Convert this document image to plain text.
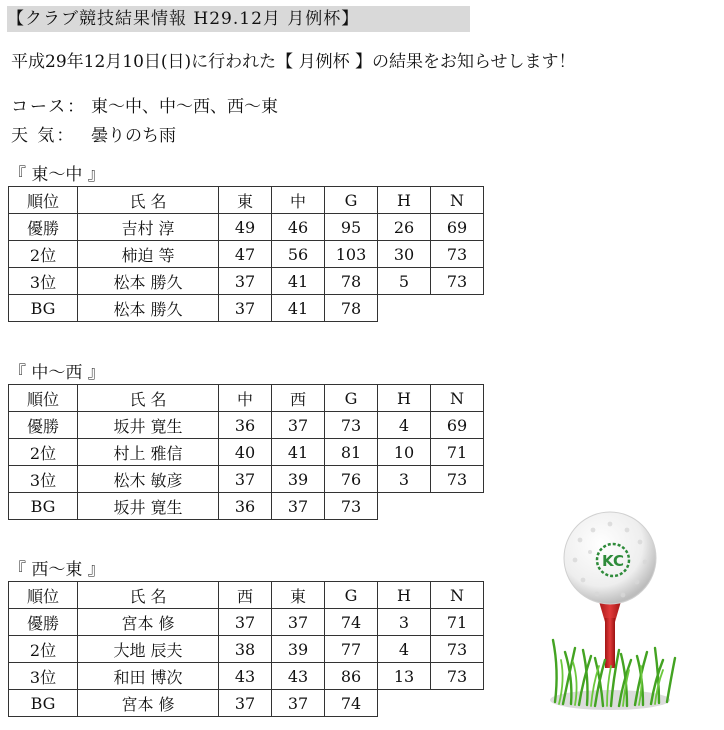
【クラブ競技結果情報 H29.12月 月例杯】
平成29年12月10日(日)に行われた【 月例杯 】の結果をお知らせします！
コース： 東～中、中～西、西～東
天 気： 曇りのち雨
『 東～中 』
順位	氏 名	東	中	G	H	N
優勝	吉村 淳	49	46	95	26	69
2位	柿迫 等	47	56	103	30	73
3位	松本 勝久	37	41	78	5	73
BG	松本 勝久	37	41	78		
『 中～西 』
順位	氏 名	中	西	G	H	N
優勝	坂井 寛生	36	37	73	4	69
2位	村上 雅信	40	41	81	10	71
3位	松木 敏彦	37	39	76	3	73
BG	坂井 寛生	36	37	73		
『 西～東 』
順位	氏 名	西	東	G	H	N
優勝	宮本 修	37	37	74	3	71
2位	大地 辰夫	38	39	77	4	73
3位	和田 博次	43	43	86	13	73
BG	宮本 修	37	37	74		
KC
